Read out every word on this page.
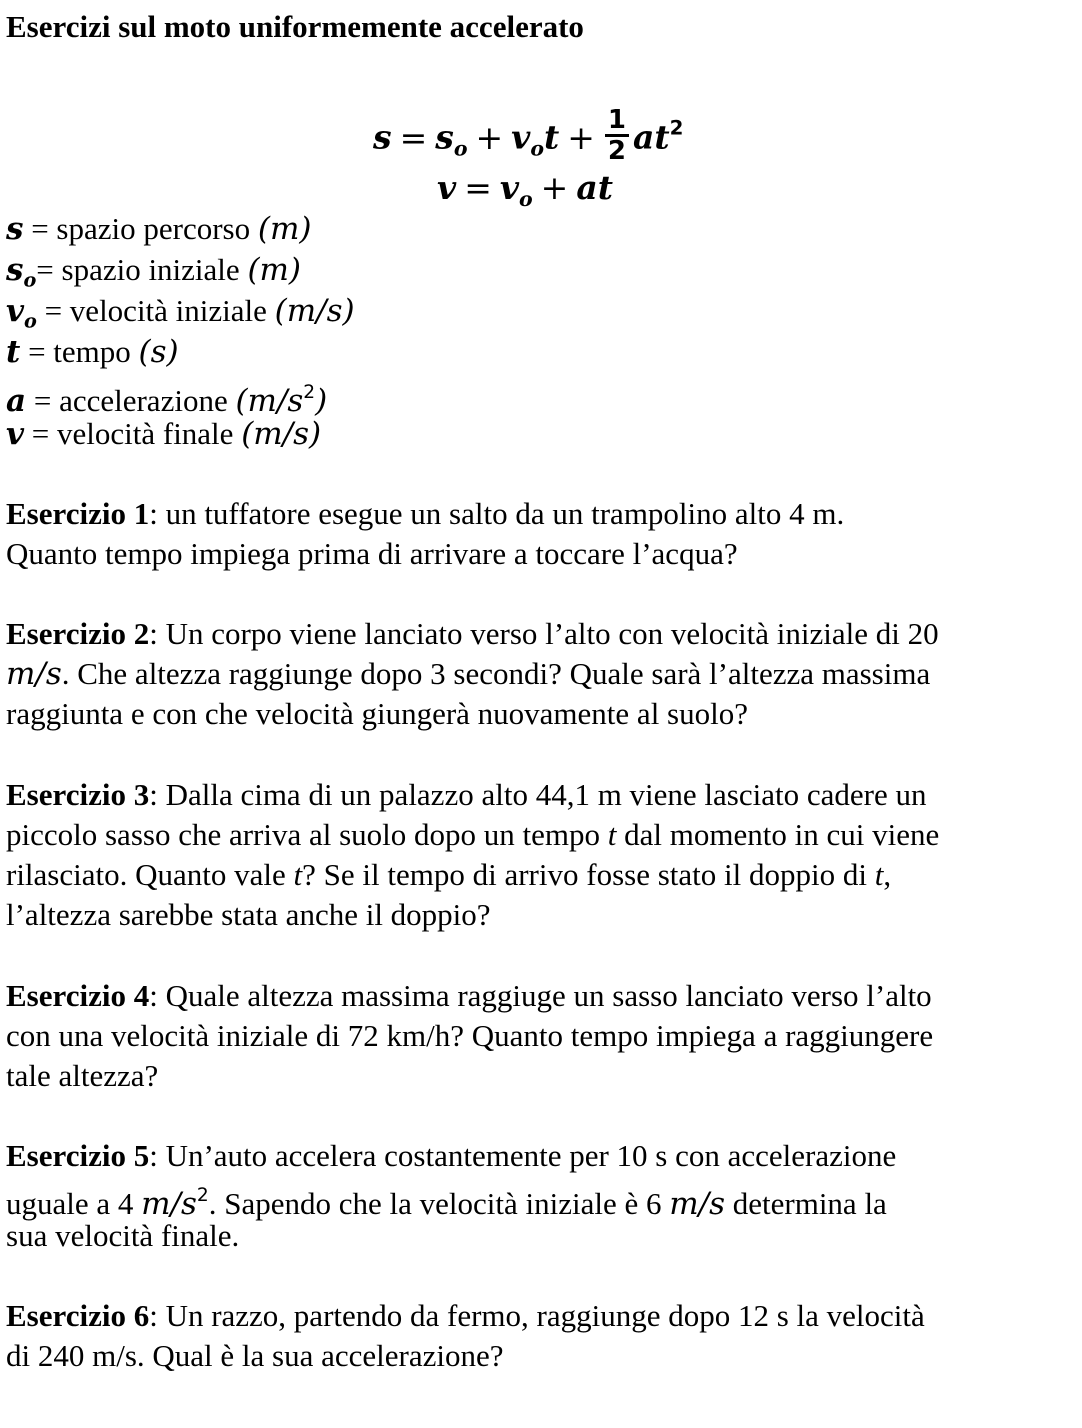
Esercizi sul moto uniformemente accelerato
$s = s_o + v_ot + \frac{1}{2} at^2$
$v = v_o$ + at
s = spazio percorso (m)
$s_o=$ spazio iniziale (m)
$v_o$ = velocità iniziale (m/s)
t = tempo (s)
a = accelerazione $(m/s^2)$
v = velocità finale (m/s)
Esercizio 1: un tuffatore esegue un salto da un trampolino alto 4 m.
Quanto tempo impiega prima di arrivare a toccare l’acqua?
Esercizio 2: Un corpo viene lanciato verso l’alto con velocità iniziale di 20
m/s. Che altezza raggiunge dopo 3 secondi? Quale sarà l’altezza massima
raggiunta e con che velocità giungerà nuovamente al suolo?
Esercizio 3: Dalla cima di un palazzo alto 44,1 m viene lasciato cadere un
piccolo sasso che arriva al suolo dopo un tempo t dal momento in cui viene
rilasciato. Quanto vale t? Se il tempo di arrivo fosse stato il doppio di t,
l’altezza sarebbe stata anche il doppio?
Esercizio 4: Quale altezza massima raggiuge un sasso lanciato verso l’alto
con una velocità iniziale di 72 km/h? Quanto tempo impiega a raggiungere
tale altezza?
Esercizio 5: Un’auto accelera costantemente per 10 s con accelerazione
uguale a 4 $m/s^2$. Sapendo che la velocità iniziale è 6 m/s determina la
sua velocità finale.
Esercizio 6: Un razzo, partendo da fermo, raggiunge dopo 12 s la velocità
di 240 m/s. Qual è la sua accelerazione?
